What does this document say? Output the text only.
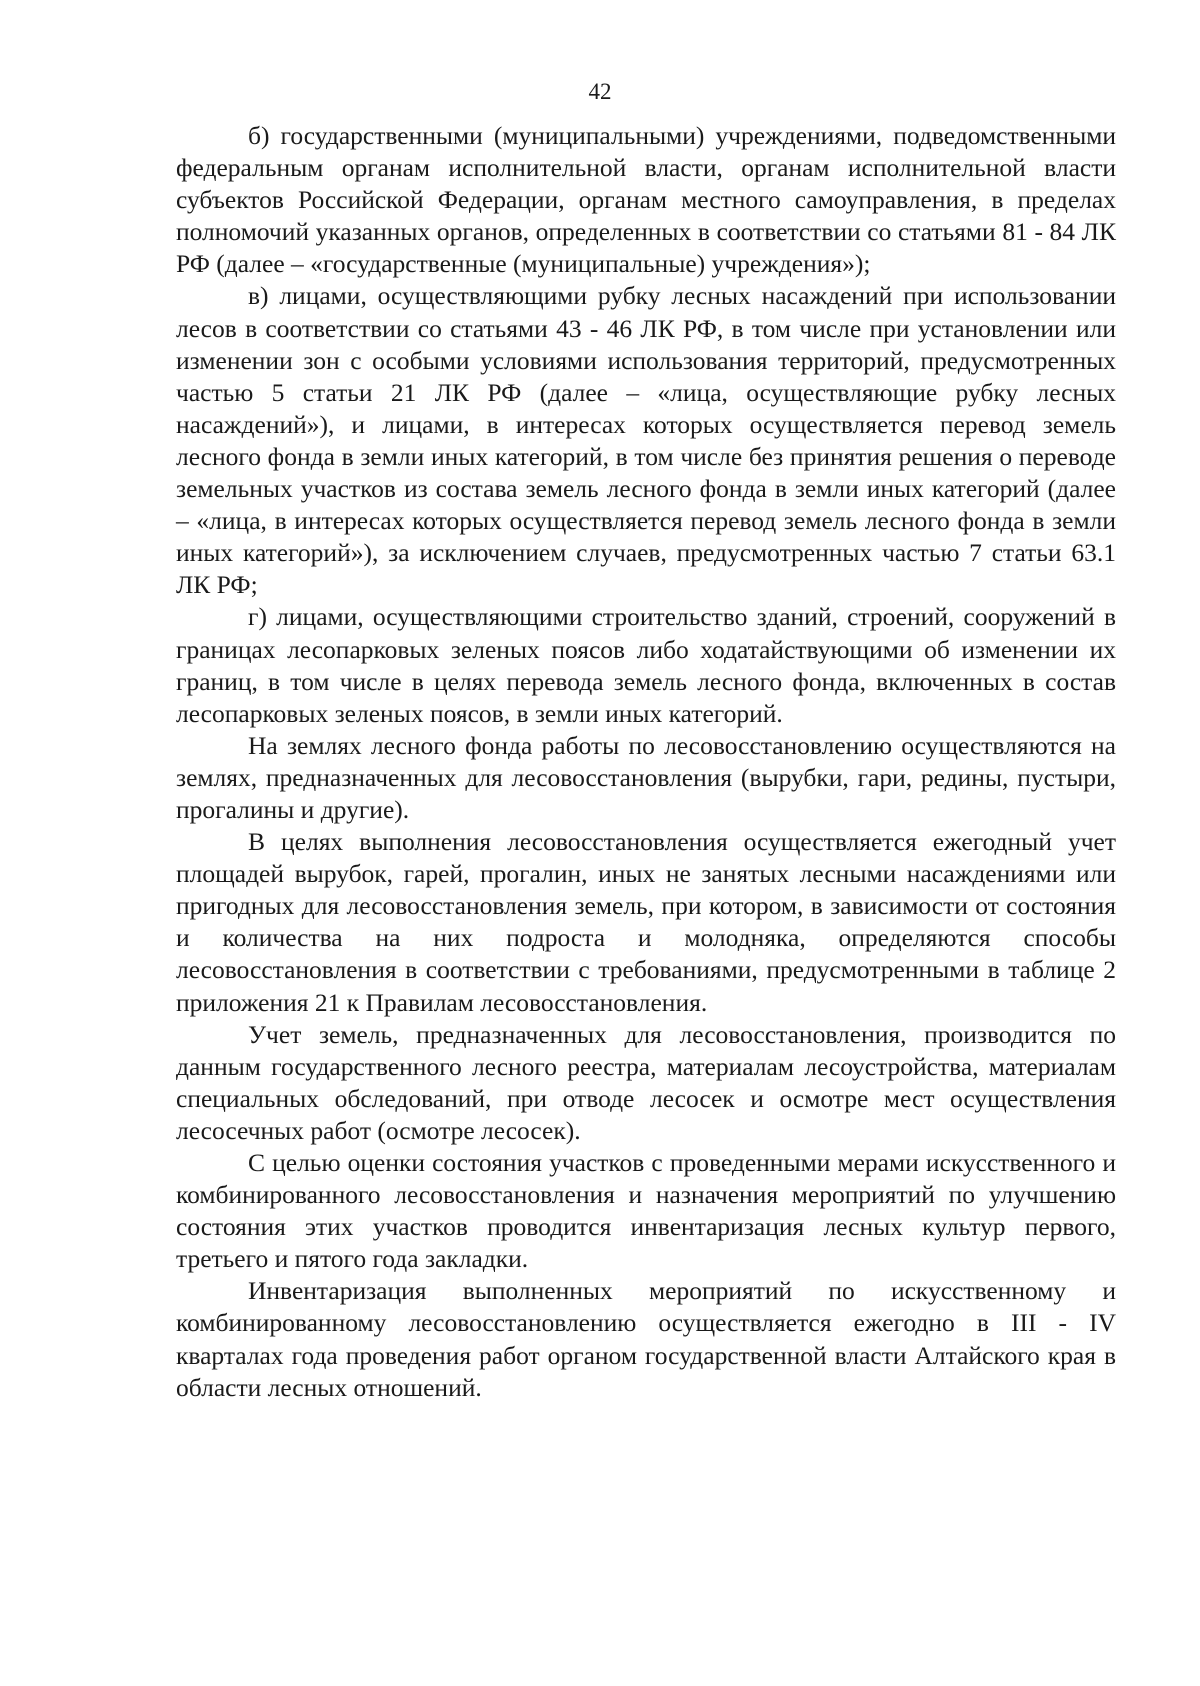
42

б) государственными (муниципальными) учреждениями, подведомственными федеральным органам исполнительной власти, органам исполнительной власти субъектов Российской Федерации, органам местного самоуправления, в пределах полномочий указанных органов, определенных в соответствии со статьями 81 - 84 ЛК РФ (далее – «государственные (муниципальные) учреждения»);

в) лицами, осуществляющими рубку лесных насаждений при использовании лесов в соответствии со статьями 43 - 46 ЛК РФ, в том числе при установлении или изменении зон с особыми условиями использования территорий, предусмотренных частью 5 статьи 21 ЛК РФ (далее – «лица, осуществляющие рубку лесных насаждений»), и лицами, в интересах которых осуществляется перевод земель лесного фонда в земли иных категорий, в том числе без принятия решения о переводе земельных участков из состава земель лесного фонда в земли иных категорий (далее – «лица, в интересах которых осуществляется перевод земель лесного фонда в земли иных категорий»), за исключением случаев, предусмотренных частью 7 статьи 63.1 ЛК РФ;

г) лицами, осуществляющими строительство зданий, строений, сооружений в границах лесопарковых зеленых поясов либо ходатайствующими об изменении их границ, в том числе в целях перевода земель лесного фонда, включенных в состав лесопарковых зеленых поясов, в земли иных категорий.

На землях лесного фонда работы по лесовосстановлению осуществляются на землях, предназначенных для лесовосстановления (вырубки, гари, редины, пустыри, прогалины и другие).

В целях выполнения лесовосстановления осуществляется ежегодный учет площадей вырубок, гарей, прогалин, иных не занятых лесными насаждениями или пригодных для лесовосстановления земель, при котором, в зависимости от состояния и количества на них подроста и молодняка, определяются способы лесовосстановления в соответствии с требованиями, предусмотренными в таблице 2 приложения 21 к Правилам лесовосстановления.

Учет земель, предназначенных для лесовосстановления, производится по данным государственного лесного реестра, материалам лесоустройства, материалам специальных обследований, при отводе лесосек и осмотре мест осуществления лесосечных работ (осмотре лесосек).

С целью оценки состояния участков с проведенными мерами искусственного и комбинированного лесовосстановления и назначения мероприятий по улучшению состояния этих участков проводится инвентаризация лесных культур первого, третьего и пятого года закладки.

Инвентаризация выполненных мероприятий по искусственному и комбинированному лесовосстановлению осуществляется ежегодно в III - IV кварталах года проведения работ органом государственной власти Алтайского края в области лесных отношений.
